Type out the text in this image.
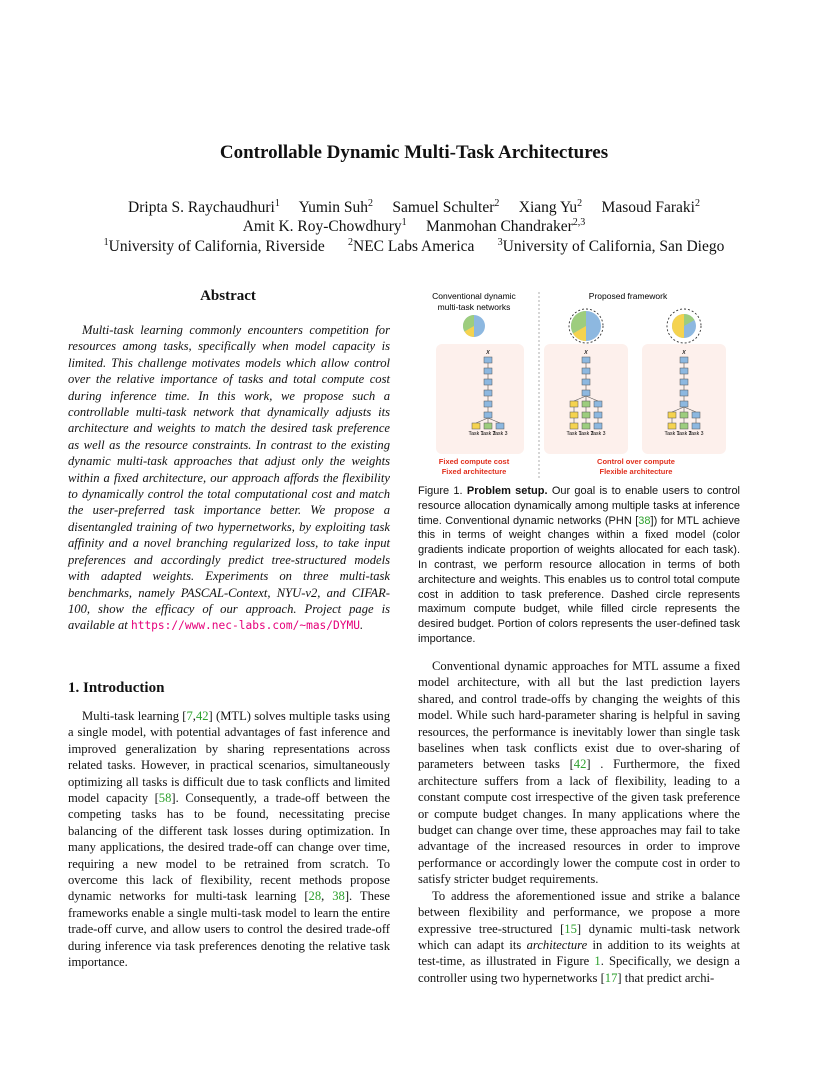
Controllable Dynamic Multi-Task Architectures
Dripta S. Raychaudhuri$^1$ Yumin Suh$^2$ Samuel Schulter$^2$ Xiang Yu$^2$ Masoud Faraki$^2$
Amit K. Roy-Chowdhury$^1$ Manmohan Chandraker$^{2,3}$
$^1$University of California, Riverside $^2$NEC Labs America $^3$University of California, San Diego
Abstract
Multi-task learning commonly encounters competition for resources among tasks, specifically when model capacity is limited. This challenge motivates models which allow control over the relative importance of tasks and total compute cost during inference time. In this work, we propose such a controllable multi-task network that dynamically adjusts its architecture and weights to match the desired task preference as well as the resource constraints. In contrast to the existing dynamic multi-task approaches that adjust only the weights within a fixed architecture, our approach affords the flexibility to dynamically control the total computational cost and match the user-preferred task importance better. We propose a disentangled training of two hypernetworks, by exploiting task affinity and a novel branching regularized loss, to take input preferences and accordingly predict tree-structured models with adapted weights. Experiments on three multi-task benchmarks, namely PASCAL-Context, NYU-v2, and CIFAR-100, show the efficacy of our approach. Project page is available at https://www.nec-labs.com/~mas/DYMU.
1. Introduction

Multi-task learning [7,42] (MTL) solves multiple tasks using a single model, with potential advantages of fast inference and improved generalization by sharing representations across related tasks. However, in practical scenarios, simultaneously optimizing all tasks is difficult due to task conflicts and limited model capacity [58]. Consequently, a trade-off between the competing tasks has to be found, necessitating precise balancing of the different task losses during optimization. In many applications, the desired trade-off can change over time, requiring a new model to be retrained from scratch. To overcome this lack of flexibility, recent methods propose dynamic networks for multi-task learning [28, 38]. These frameworks enable a single multi-task model to learn the entire trade-off curve, and allow users to control the desired trade-off during inference via task preferences denoting the relative task importance.

Conventional dynamic
multi-task networks
Proposed framework
x
Task 1
Task 2
Task 3
x
Task 1
Task 2
Task 3
x
Task 1
Task 2
Task 3
Fixed compute cost
Fixed architecture
Control over compute
Flexible architecture
Figure 1. Problem setup. Our goal is to enable users to control resource allocation dynamically among multiple tasks at inference time. Conventional dynamic networks (PHN [38]) for MTL achieve this in terms of weight changes within a fixed model (color gradients indicate proportion of weights allocated for each task). In contrast, we perform resource allocation in terms of both architecture and weights. This enables us to control total compute cost in addition to task preference. Dashed circle represents maximum compute budget, while filled circle represents the desired budget. Portion of colors represents the user-defined task importance.

Conventional dynamic approaches for MTL assume a fixed model architecture, with all but the last prediction layers shared, and control trade-offs by changing the weights of this model. While such hard-parameter sharing is helpful in saving resources, the performance is inevitably lower than single task baselines when task conflicts exist due to over-sharing of parameters between tasks [42] . Furthermore, the fixed architecture suffers from a lack of flexibility, leading to a constant compute cost irrespective of the given task preference or compute budget changes. In many applications where the budget can change over time, these approaches may fail to take advantage of the increased resources in order to improve performance or accordingly lower the compute cost in order to satisfy stricter budget requirements.

To address the aforementioned issue and strike a balance between flexibility and performance, we propose a more expressive tree-structured [15] dynamic multi-task network which can adapt its architecture in addition to its weights at test-time, as illustrated in Figure 1. Specifically, we design a controller using two hypernetworks [17] that predict archi-
